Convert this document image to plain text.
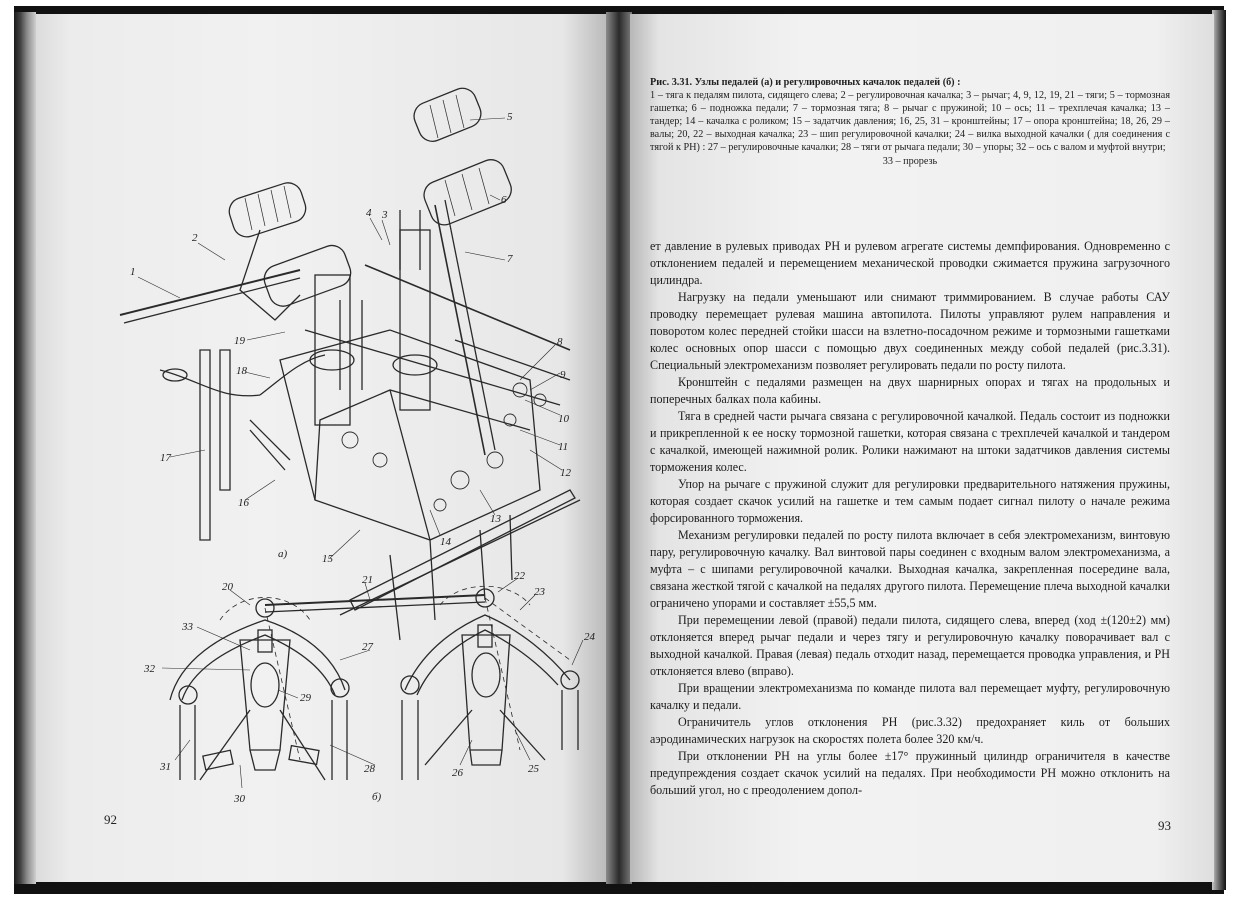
а)
б)
1
2
3
4
5
6
7
8
9
10
11
12
13
14
15
16
17
18
19
20
21	22
23
24
25
26
27
28
29
31
32
33
30
92
Рис. 3.31. Узлы педалей (а) и регулировочных качалок педалей (б) :
1 – тяга к педалям пилота, сидящего слева; 2 – регулировочная качалка; 3 – рычаг; 4, 9, 12, 19, 21 – тяги; 5 – тормозная гашетка; 6 – подножка педали; 7 – тормозная тяга; 8 – рычаг с пружиной; 10 – ось; 11 – трехплечая качалка; 13 – тандер; 14 – качалка с роликом; 15 – задатчик давления; 16, 25, 31 – кронштейны; 17 – опора кронштейна; 18, 26, 29 – валы; 20, 22 – выходная качалка; 23 – шип регулировочной качалки; 24 – вилка выходной качалки ( для соединения с тягой к РН) : 27 – регулировочные качалки; 28 – тяги от рычага педали; 30 – упоры; 32 – ось с валом и муфтой внутри;
33 – прорезь

ет давление в рулевых приводах РН и рулевом агрегате системы демпфирования. Одновременно с отклонением педалей и перемещением механической проводки сжимается пружина загрузочного цилиндра.

Нагрузку на педали уменьшают или снимают триммированием. В случае работы САУ проводку перемещает рулевая машина автопилота. Пилоты управляют рулем направления и поворотом колес передней стойки шасси на взлетно-посадочном режиме и тормозными гашетками колес основных опор шасси с помощью двух соединенных между собой педалей (рис.3.31). Специальный электромеханизм позволяет регулировать педали по росту пилота.

Кронштейн с педалями размещен на двух шарнирных опорах и тягах на продольных и поперечных балках пола кабины.

Тяга в средней части рычага связана с регулировочной качалкой. Педаль состоит из подножки и прикрепленной к ее носку тормозной гашетки, которая связана с трехплечей качалкой и тандером с качалкой, имеющей нажимной ролик. Ролики нажимают на штоки задатчиков давления системы торможения колес.

Упор на рычаге с пружиной служит для регулировки предварительного натяжения пружины, которая создает скачок усилий на гашетке и тем самым подает сигнал пилоту о начале режима форсированного торможения.

Механизм регулировки педалей по росту пилота включает в себя электромеханизм, винтовую пару, регулировочную качалку. Вал винтовой пары соединен с входным валом электромеханизма, а муфта – с шипами регулировочной качалки. Выходная качалка, закрепленная посередине вала, связана жесткой тягой с качалкой на педалях другого пилота. Перемещение плеча выходной качалки ограничено упорами и составляет ±55,5 мм.

При перемещении левой (правой) педали пилота, сидящего слева, вперед (ход ±(120±2) мм) отклоняется вперед рычаг педали и через тягу и регулировочную качалку поворачивает вал с выходной качалкой. Правая (левая) педаль отходит назад, перемещается проводка управления, и РН отклоняется влево (вправо).

При вращении электромеханизма по команде пилота вал перемещает муфту, регулировочную качалку и педали.

Ограничитель углов отклонения РН (рис.3.32) предохраняет киль от больших аэродинамических нагрузок на скоростях полета более 320 км/ч.

При отклонении РН на углы более ±17° пружинный цилиндр ограничителя в качестве предупреждения создает скачок усилий на педалях. При необходимости РН можно отклонить на больший угол, но с преодолением допол-

93
